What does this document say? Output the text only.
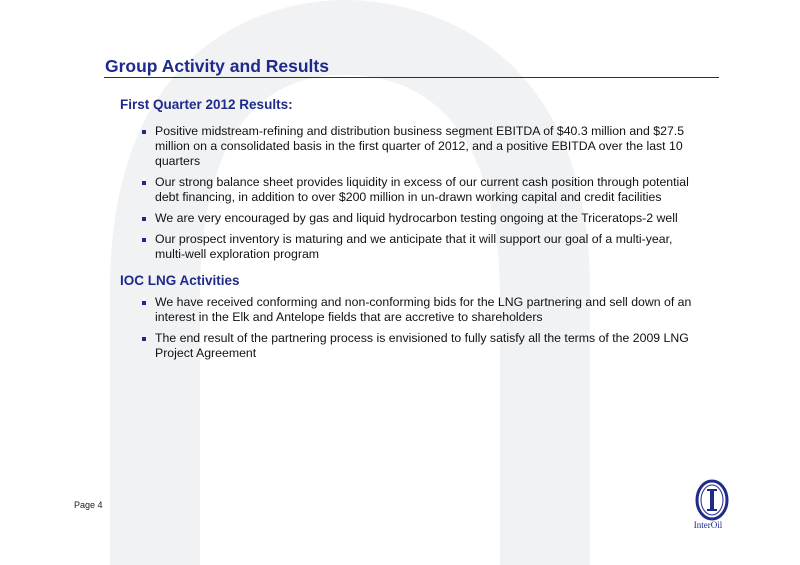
Group Activity and Results
First Quarter 2012 Results:
Positive midstream-refining and distribution business segment EBITDA of $40.3 million and $27.5 million on a consolidated basis in the first quarter of 2012, and a positive EBITDA over the last 10 quarters
Our strong balance sheet provides liquidity in excess of our current cash position through potential debt financing, in addition to over $200 million in un-drawn working capital and credit facilities
We are very encouraged by gas and liquid hydrocarbon testing ongoing at the Triceratops-2 well
Our prospect inventory is maturing and we anticipate that it will support our goal of a multi-year, multi-well exploration program
IOC LNG Activities
We have received conforming and non-conforming bids for the LNG partnering and sell down of an interest in the Elk and Antelope fields that are accretive to shareholders
The end result of the partnering process is envisioned to fully satisfy all the terms of the 2009 LNG Project Agreement
Page 4
InterOil
